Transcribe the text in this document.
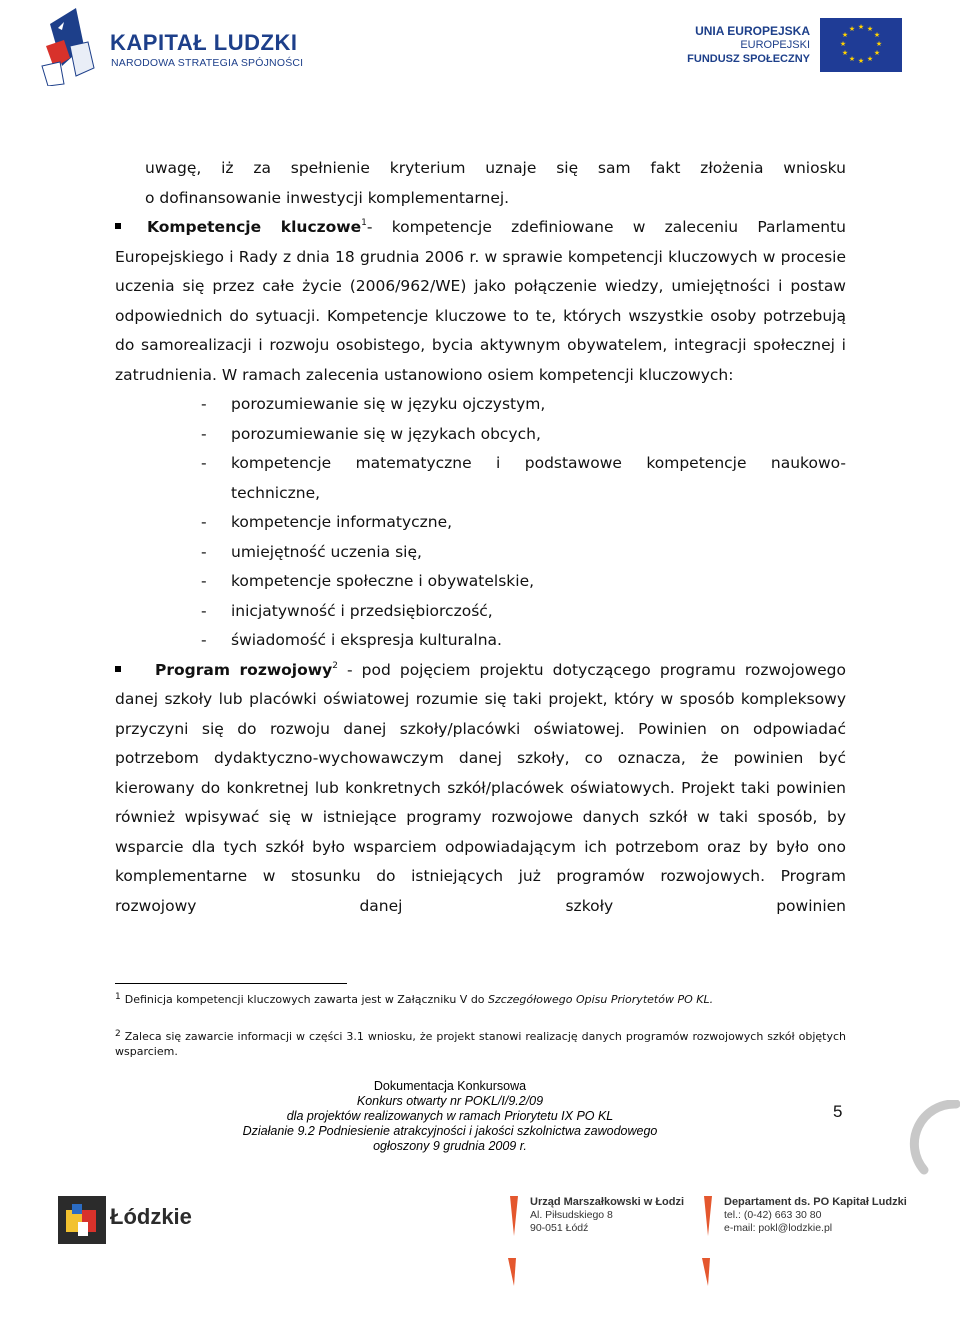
KAPITAŁ LUDZKI
NARODOWA STRATEGIA SPÓJNOŚCI
UNIA EUROPEJSKA
EUROPEJSKI
FUNDUSZ SPOŁECZNY
★ ★
★
★
★
★
★
★
★
★
★
★

uwagę, iż za spełnienie kryterium uznaje się sam fakt złożenia wniosku

o dofinansowanie inwestycji komplementarnej.

Kompetencje kluczowe$^1$- kompetencje zdefiniowane w zaleceniu Parlamentu Europejskiego i Rady z dnia 18 grudnia 2006 r. w sprawie kompetencji kluczowych w procesie uczenia się przez całe życie (2006/962/WE) jako połączenie wiedzy, umiejętności i postaw odpowiednich do sytuacji. Kompetencje kluczowe to te, których wszystkie osoby potrzebują do samorealizacji i rozwoju osobistego, bycia aktywnym obywatelem, integracji społecznej i zatrudnienia. W ramach zalecenia ustanowiono osiem kompetencji kluczowych:

- porozumiewanie się w języku ojczystym,
- porozumiewanie się w językach obcych,
- kompetencje matematyczne i podstawowe kompetencje naukowo-
techniczne,
- kompetencje informatyczne,
- umiejętność uczenia się,
- kompetencje społeczne i obywatelskie,
- inicjatywność i przedsiębiorczość,
- świadomość i ekspresja kulturalna.

Program rozwojowy$^2$ - pod pojęciem projektu dotyczącego programu rozwojowego danej szkoły lub placówki oświatowej rozumie się taki projekt, który w sposób kompleksowy przyczyni się do rozwoju danej szkoły/placówki oświatowej. Powinien on odpowiadać potrzebom dydaktyczno-wychowawczym danej szkoły, co oznacza, że powinien być kierowany do konkretnej lub konkretnych szkół/placówek oświatowych. Projekt taki powinien również wpisywać się w istniejące programy rozwojowe danych szkół w taki sposób, by wsparcie dla tych szkół było wsparciem odpowiadającym ich potrzebom oraz by było ono komplementarne w stosunku do istniejących już programów rozwojowych. Program rozwojowy danej szkoły powinien

$^1$ Definicja kompetencji kluczowych zawarta jest w Załączniku V do Szczegółowego Opisu Priorytetów PO KL.
$^2$ Zaleca się zawarcie informacji w części 3.1 wniosku, że projekt stanowi realizację danych programów rozwojowych szkół objętych wsparciem.
Dokumentacja Konkursowa
Konkurs otwarty nr POKL/I/9.2/09
dla projektów realizowanych w ramach Priorytetu IX PO KL
Działanie 9.2 Podniesienie atrakcyjności i jakości szkolnictwa zawodowego
ogłoszony 9 grudnia 2009 r.
5
Łódzkie
Urząd Marszałkowski w Łodzi
Al. Piłsudskiego 8
90-051 Łódź
Departament ds. PO Kapitał Ludzki
tel.: (0-42) 663 30 80
e-mail: pokl@lodzkie.pl
